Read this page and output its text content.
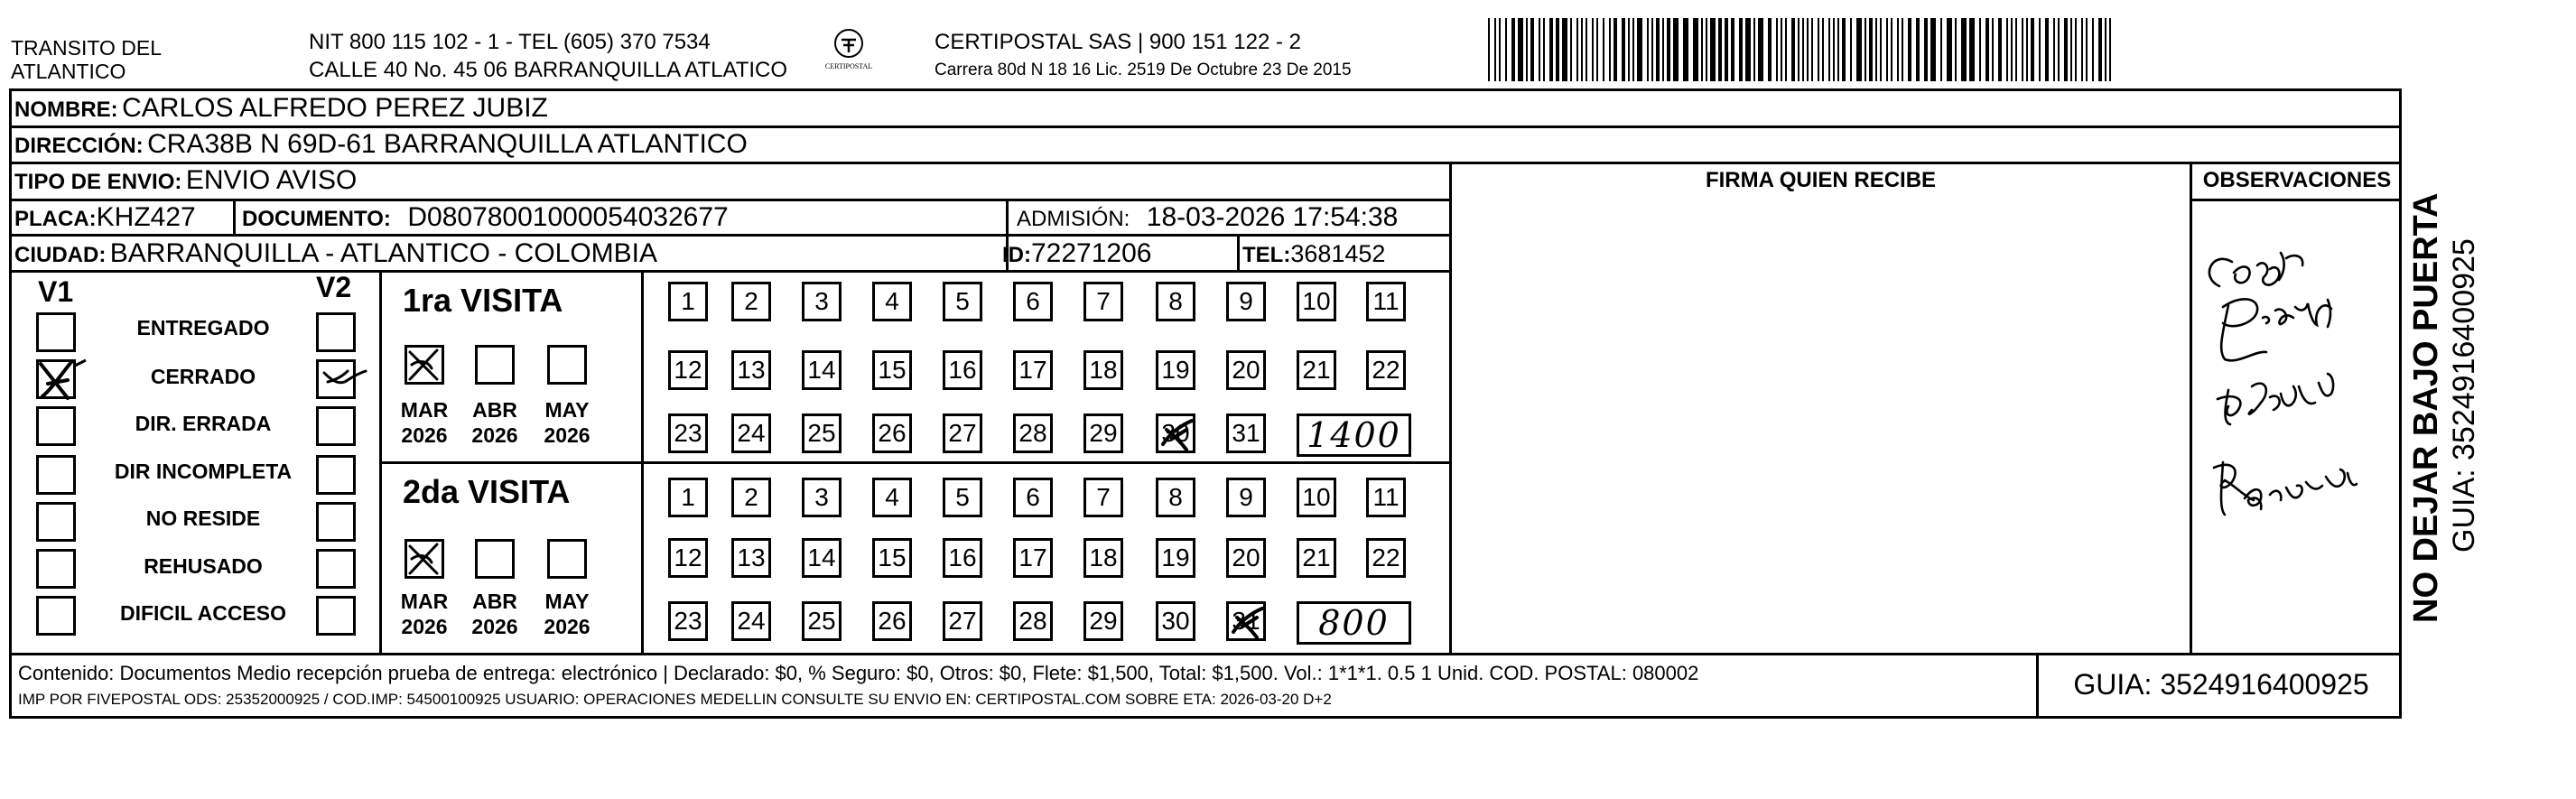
TRANSITO DEL
ATLANTICO
NIT 800 115 102 - 1 - TEL (605) 370 7534
CALLE 40 No. 45 06 BARRANQUILLA ATLATICO	CERTIPOSTAL
CERTIPOSTAL SAS | 900 151 122 - 2
Carrera 80d N 18 16 Lic. 2519 De Octubre 23 De 2015
NOMBRE: CARLOS ALFREDO PEREZ JUBIZ
DIRECCIÓN: CRA38B N 69D-61 BARRANQUILLA ATLANTICO
TIPO DE ENVIO: ENVIO AVISO	FIRMA QUIEN RECIBE	OBSERVACIONES
PLACA:KHZ427 DOCUMENTO: D08078001000054032677	ADMISIÓN: 18-03-2026 17:54:38
CIUDAD: BARRANQUILLA - ATLANTICO - COLOMBIA	ID:72271206	TEL:3681452
V1	V2
ENTREGADO
CERRADO
DIR. ERRADA
DIR INCOMPLETA
NO RESIDE
REHUSADO
DIFICIL ACCESO
1ra VISITA
MAR
2026
ABR
2026
MAY
2026
1	2	3	4	5	6	7	8	9	10 11
12 13 14 15 16 17 18 19 20 21 22
23 24 25 26 27 28 29 30 31 1400
2da VISITA
MAR
2026
ABR
2026
MAY
2026
1	2	3	4	5	6	7	8	9	10 11
12 13 14 15 16 17 18 19 20 21 22
23 24 25 26 27 28 29 30 31	800
Contenido: Documentos Medio recepción prueba de entrega: electrónico | Declarado: $0, % Seguro: $0, Otros: $0, Flete: $1,500, Total: $1,500. Vol.: 1*1*1. 0.5 1 Unid. COD. POSTAL: 080002
IMP POR FIVEPOSTAL ODS: 25352000925 / COD.IMP: 54500100925 USUARIO: OPERACIONES MEDELLIN CONSULTE SU ENVIO EN: CERTIPOSTAL.COM SOBRE ETA: 2026-03-20 D+2	GUIA: 3524916400925
NO DEJAR BAJO PUERTA GUIA: 3524916400925
